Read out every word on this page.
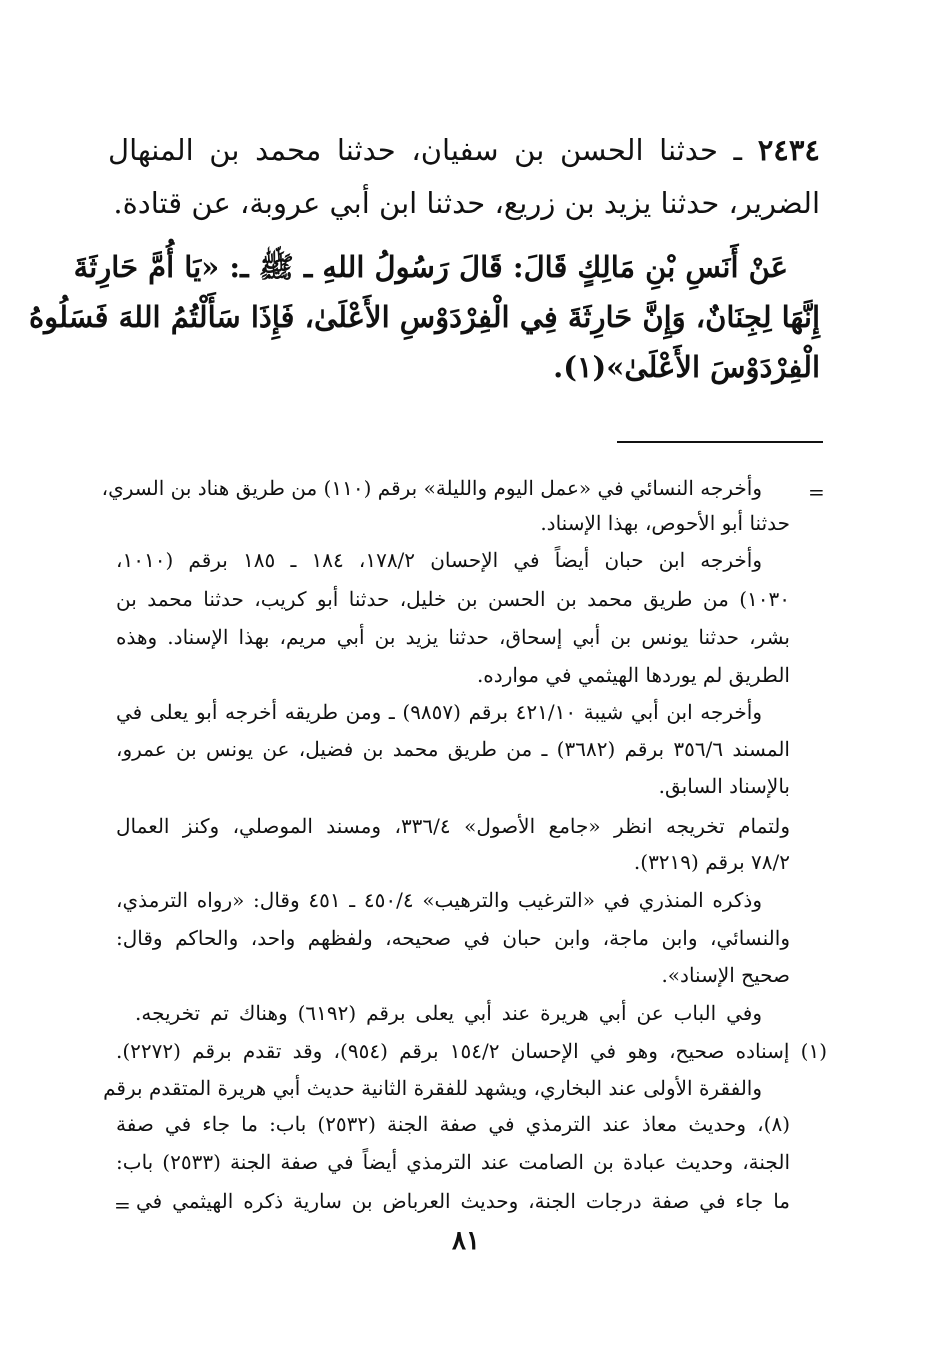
٢٤٣٤ ـ حدثنا الحسن بن سفيان، حدثنا محمد بن المنهال

الضرير، حدثنا يزيد بن زريع، حدثنا ابن أبي عروبة، عن قتادة.

عَنْ أَنَسِ بْنِ مَالِكٍ قَالَ: قَالَ رَسُولُ اللهِ ـ ﷺ ـ: «يَا أُمَّ حَارِثَةَ

إِنَّهَا لِجِنَانٌ، وَإِنَّ حَارِثَةَ فِي الْفِرْدَوْسِ الأَعْلَىٰ، فَإِذَا سَأَلْتُمُ اللهَ فَسَلُوهُ

الْفِرْدَوْسَ الأَعْلَىٰ»(١).

=

وأخرجه النسائي في «عمل اليوم والليلة» برقم (١١٠) من طريق هناد بن السري،

حدثنا أبو الأحوص، بهذا الإسناد.

وأخرجه ابن حبان أيضاً في الإحسان ١٧٨/٢، ١٨٤ ـ ١٨٥ برقم (١٠١٠،

١٠٣٠) من طريق محمد بن الحسن بن خليل، حدثنا أبو كريب، حدثنا محمد بن

بشر، حدثنا يونس بن أبي إسحاق، حدثنا يزيد بن أبي مريم، بهذا الإسناد. وهذه

الطريق لم يوردها الهيثمي في موارده.

وأخرجه ابن أبي شيبة ٤٢١/١٠ برقم (٩٨٥٧) ـ ومن طريقه أخرجه أبو يعلى في

المسند ٣٥٦/٦ برقم (٣٦٨٢) ـ من طريق محمد بن فضيل، عن يونس بن عمرو،

بالإسناد السابق.

ولتمام تخريجه انظر «جامع الأصول» ٣٣٦/٤، ومسند الموصلي، وكنز العمال

٧٨/٢ برقم (٣٢١٩).

وذكره المنذري في «الترغيب والترهيب» ٤٥٠/٤ ـ ٤٥١ وقال: «رواه الترمذي،

والنسائي، وابن ماجة، وابن حبان في صحيحه، ولفظهم واحد، والحاكم وقال:

صحيح الإسناد».

وفي الباب عن أبي هريرة عند أبي يعلى برقم (٦١٩٢) وهناك تم تخريجه.

(١) إسناده صحيح، وهو في الإحسان ١٥٤/٢ برقم (٩٥٤)، وقد تقدم برقم (٢٢٧٢).

والفقرة الأولى عند البخاري، ويشهد للفقرة الثانية حديث أبي هريرة المتقدم برقم

(٨)، وحديث معاذ عند الترمذي في صفة الجنة (٢٥٣٢) باب: ما جاء في صفة

الجنة، وحديث عبادة بن الصامت عند الترمذي أيضاً في صفة الجنة (٢٥٣٣) باب:

ما جاء في صفة درجات الجنة، وحديث العرباض بن سارية ذكره الهيثمي في

=
٨١
